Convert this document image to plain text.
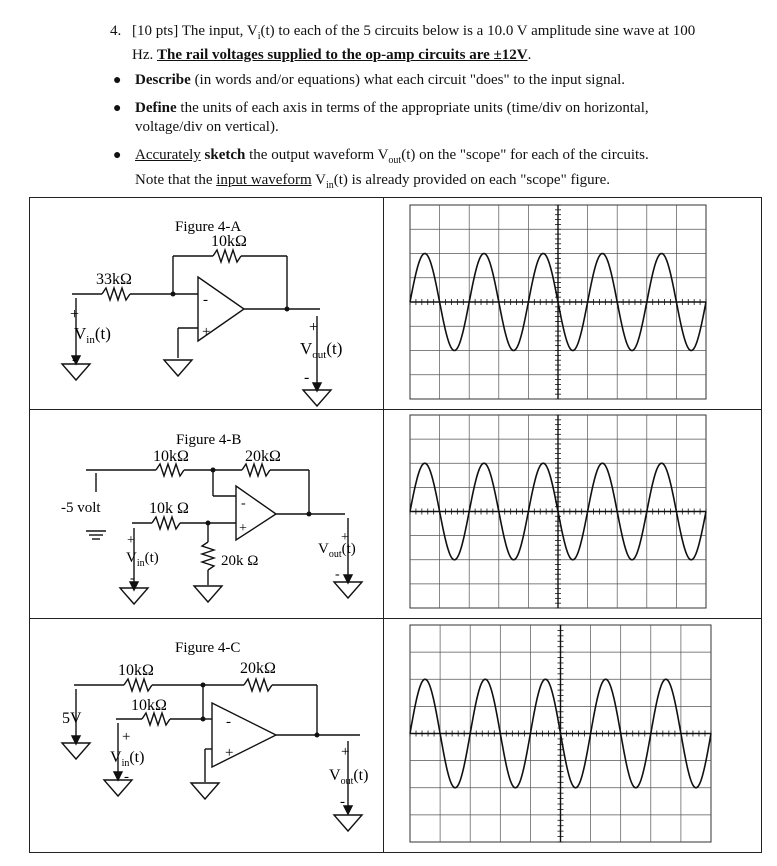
4. [10 pts] The input, $V_i(t)$ to each of the 5 circuits below is a 10.0 V amplitude sine wave at 100 Hz. The rail voltages supplied to the op-amp circuits are ±12V.
● Describe (in words and/or equations) what each circuit "does" to the input signal.
● Define the units of each axis in terms of the appropriate units (time/div on horizontal, voltage/div on vertical).
● Accurately sketch the output waveform $V_{out}(t)$ on the "scope" for each of the circuits.
Note that the input waveform $V_{in}(t)$ is already provided on each "scope" figure.
Figure 4-A
10kΩ
33kΩ
-
+
+
-
$V_{in}(t)$	+
-
$V_{out}(t)$
Figure 4-B
10kΩ	20kΩ
10k Ω
20k Ω
-5 volt	-
+
+
-
$V_{in}(t)$
+
-
$V_{out}(t)$
Figure 4-C
10kΩ	20kΩ
10kΩ
5V	-
+
+
-
$V_{in}(t)$	+
-
$V_{out}(t)$
